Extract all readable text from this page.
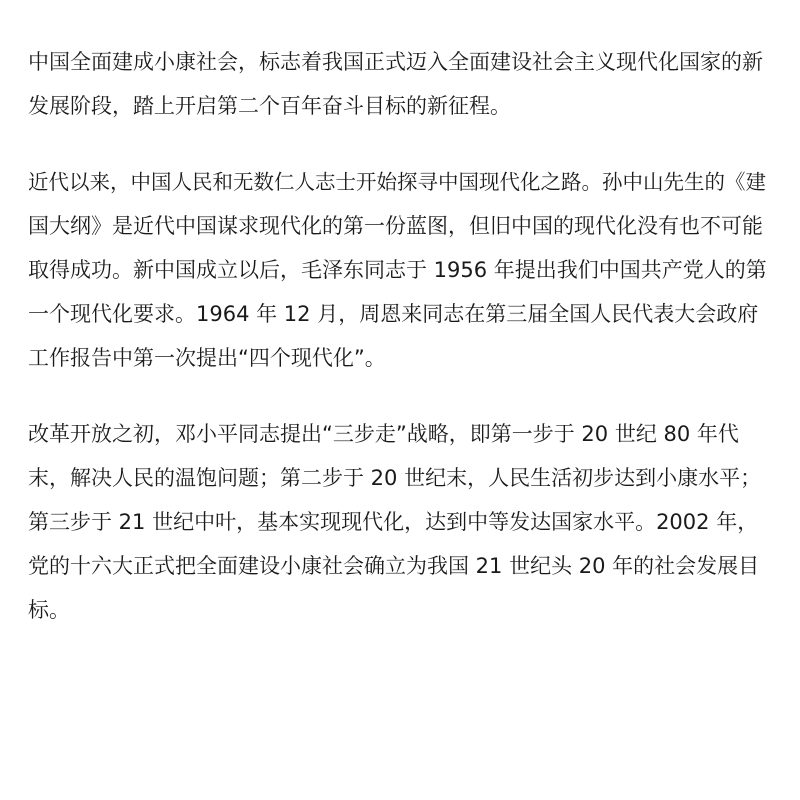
中国全面建成小康社会，标志着我国正式迈入全面建设社会主义现代化国家的新
发展阶段，踏上开启第二个百年奋斗目标的新征程。
近代以来，中国人民和无数仁人志士开始探寻中国现代化之路。孙中山先生的《建
国大纲》是近代中国谋求现代化的第一份蓝图，但旧中国的现代化没有也不可能
取得成功。新中国成立以后，毛泽东同志于 1956 年提出我们中国共产党人的第
一个现代化要求。1964 年 12 月，周恩来同志在第三届全国人民代表大会政府
工作报告中第一次提出“四个现代化”。
改革开放之初，邓小平同志提出“三步走”战略，即第一步于 20 世纪 80 年代
末，解决人民的温饱问题；第二步于 20 世纪末，人民生活初步达到小康水平；
第三步于 21 世纪中叶，基本实现现代化，达到中等发达国家水平。2002 年，
党的十六大正式把全面建设小康社会确立为我国 21 世纪头 20 年的社会发展目
标。
